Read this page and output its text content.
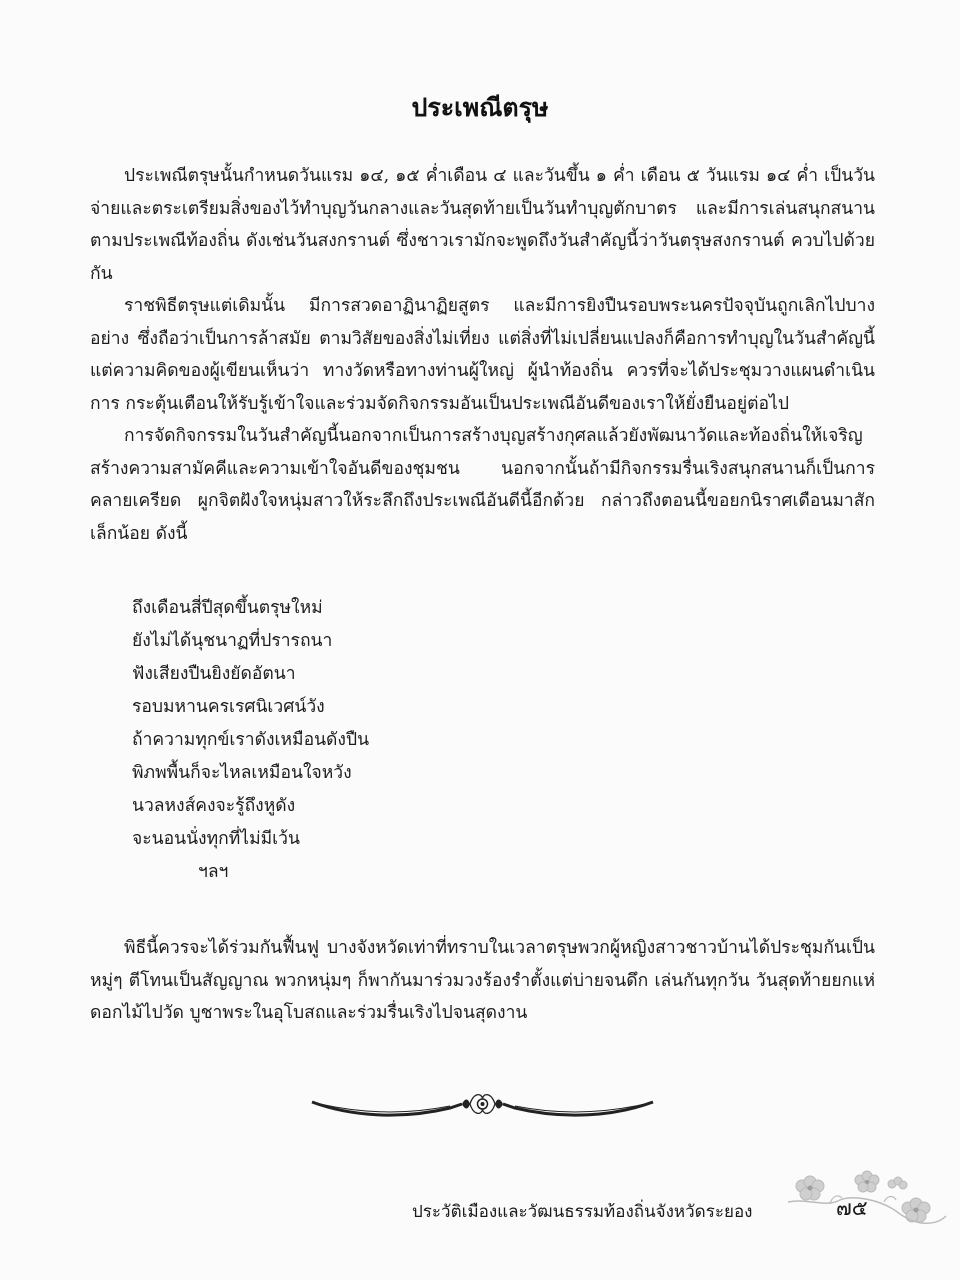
ประเพณีตรุษ

ประเพณีตรุษนั้นกำหนดวันแรม ๑๔, ๑๕ ค่ำเดือน ๔ และวันขึ้น ๑ ค่ำ เดือน ๕ วันแรม ๑๔ ค่ำ เป็นวันจ่ายและตระเตรียมสิ่งของไว้ทำบุญวันกลางและวันสุดท้ายเป็นวันทำบุญตักบาตร และมีการเล่นสนุกสนานตามประเพณีท้องถิ่น ดังเช่นวันสงกรานต์ ซึ่งชาวเรามักจะพูดถึงวันสำคัญนี้ว่าวันตรุษสงกรานต์ ควบไปด้วยกัน

ราชพิธีตรุษแต่เดิมนั้น มีการสวดอาฏินาฏิยสูตร และมีการยิงปืนรอบพระนครปัจจุบันถูกเลิกไปบางอย่าง ซึ่งถือว่าเป็นการล้าสมัย ตามวิสัยของสิ่งไม่เที่ยง แต่สิ่งที่ไม่เปลี่ยนแปลงก็คือการทำบุญในวันสำคัญนี้ แต่ความคิดของผู้เขียนเห็นว่า ทางวัดหรือทางท่านผู้ใหญ่ ผู้นำท้องถิ่น ควรที่จะได้ประชุมวางแผนดำเนินการ กระตุ้นเตือนให้รับรู้เข้าใจและร่วมจัดกิจกรรมอันเป็นประเพณีอันดีของเราให้ยั่งยืนอยู่ต่อไป

การจัดกิจกรรมในวันสำคัญนี้นอกจากเป็นการสร้างบุญสร้างกุศลแล้วยังพัฒนาวัดและท้องถิ่นให้เจริญ สร้างความสามัคคีและความเข้าใจอันดีของชุมชน นอกจากนั้นถ้ามีกิจกรรมรื่นเริงสนุกสนานก็เป็นการคลายเครียด ผูกจิตฝังใจหนุ่มสาวให้ระลึกถึงประเพณีอันดีนี้อีกด้วย กล่าวถึงตอนนี้ขอยกนิราศเดือนมาสักเล็กน้อย ดังนี้

ถึงเดือนสี่ปีสุดขึ้นตรุษใหม่
ยังไม่ได้นุชนาฏที่ปรารถนา
ฟังเสียงปืนยิงยัดอัตนา
รอบมหานครเรศนิเวศน์วัง
ถ้าความทุกข์เราดังเหมือนดังปืน
พิภพพื้นก็จะไหลเหมือนใจหวัง
นวลหงส์คงจะรู้ถึงหูดัง
จะนอนนั่งทุกที่ไม่มีเว้น
ฯลฯ

พิธีนี้ควรจะได้ร่วมกันฟื้นฟู บางจังหวัดเท่าที่ทราบในเวลาตรุษพวกผู้หญิงสาวชาวบ้านได้ประชุมกันเป็นหมู่ๆ ตีโทนเป็นสัญญาณ พวกหนุ่มๆ ก็พากันมาร่วมวงร้องรำตั้งแต่บ่ายจนดึก เล่นกันทุกวัน วันสุดท้ายยกแห่ดอกไม้ไปวัด บูชาพระในอุโบสถและร่วมรื่นเริงไปจนสุดงาน

ประวัติเมืองและวัฒนธรรมท้องถิ่นจังหวัดระยอง	๗๕
